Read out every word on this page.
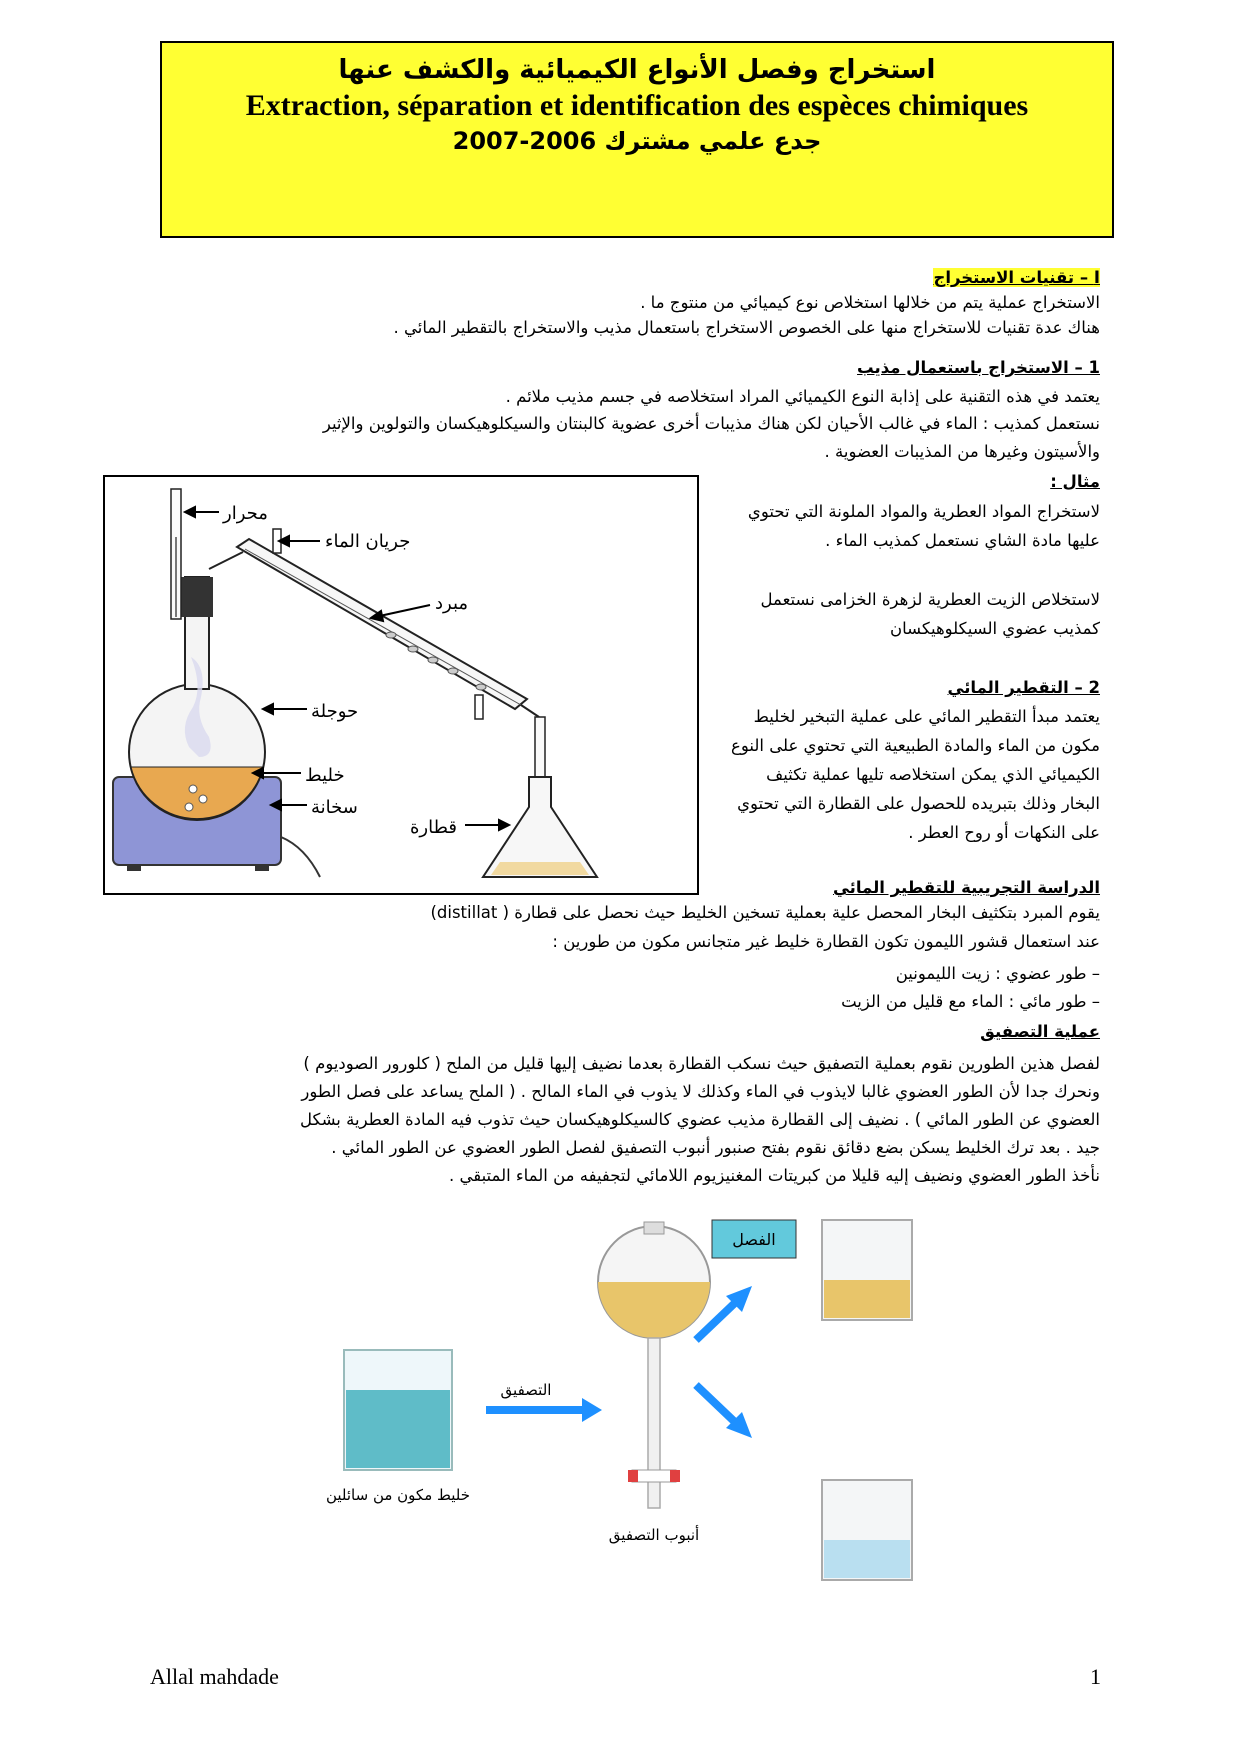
استخراج وفصل الأنواع الكيميائية والكشف عنها
Extraction, séparation et identification des espèces chimiques
جدع علمي مشترك 2006-2007
I – تقنيات الاستخراج
الاستخراج عملية يتم من خلالها استخلاص نوع كيميائي من منتوج ما .
هناك عدة تقنيات للاستخراج منها على الخصوص الاستخراج باستعمال مذيب والاستخراج بالتقطير المائي .
1 – الاستخراج باستعمال مذيب
يعتمد في هذه التقنية على إذابة النوع الكيميائي المراد استخلاصه في جسم مذيب ملائم .
نستعمل كمذيب : الماء في غالب الأحيان لكن هناك مذيبات أخرى عضوية كالبنتان والسيكلوهيكسان والتولوين والإثير
والأسيتون وغيرها من المذيبات العضوية .
مثال :
لاستخراج المواد العطرية والمواد الملونة التي تحتوي عليها مادة الشاي نستعمل كمذيب الماء .
لاستخلاص الزيت العطرية لزهرة الخزامى نستعمل كمذيب عضوي السيكلوهيكسان
2 – التقطير المائي
يعتمد مبدأ التقطير المائي على عملية التبخير لخليط مكون من الماء والمادة الطبيعية التي تحتوي على النوع الكيميائي الذي يمكن استخلاصه تليها عملية تكثيف البخار وذلك بتبريده للحصول على القطارة التي تحتوي على النكهات أو روح العطر .
محرار
جريان الماء
مبرد
حوجلة
خليط
سخانة
قطارة
الدراسة التجريبية للتقطير المائي
يقوم المبرد بتكثيف البخار المحصل علية بعملية تسخين الخليط حيث نحصل على قطارة ( distillat)
عند استعمال قشور الليمون تكون القطارة خليط غير متجانس مكون من طورين :
– طور عضوي : زيت الليمونين
– طور مائي : الماء مع قليل من الزيت
عملية التصفيق
لفصل هذين الطورين نقوم بعملية التصفيق حيث نسكب القطارة بعدما نضيف إليها قليل من الملح ( كلورور الصوديوم )
ونحرك جدا لأن الطور العضوي غالبا لايذوب في الماء وكذلك لا يذوب في الماء المالح . ( الملح يساعد على فصل الطور
العضوي عن الطور المائي ) . نضيف إلى القطارة مذيب عضوي كالسيكلوهيكسان حيث تذوب فيه المادة العطرية بشكل
جيد . بعد ترك الخليط يسكن بضع دقائق نقوم بفتح صنبور أنبوب التصفيق لفصل الطور العضوي عن الطور المائي .
نأخذ الطور العضوي ونضيف إليه قليلا من كبريتات المغنيزيوم اللامائي لتجفيفه من الماء المتبقي .
الفصل
التصفيق
خليط مكون من سائلين
أنبوب التصفيق
Allal mahdade	1
